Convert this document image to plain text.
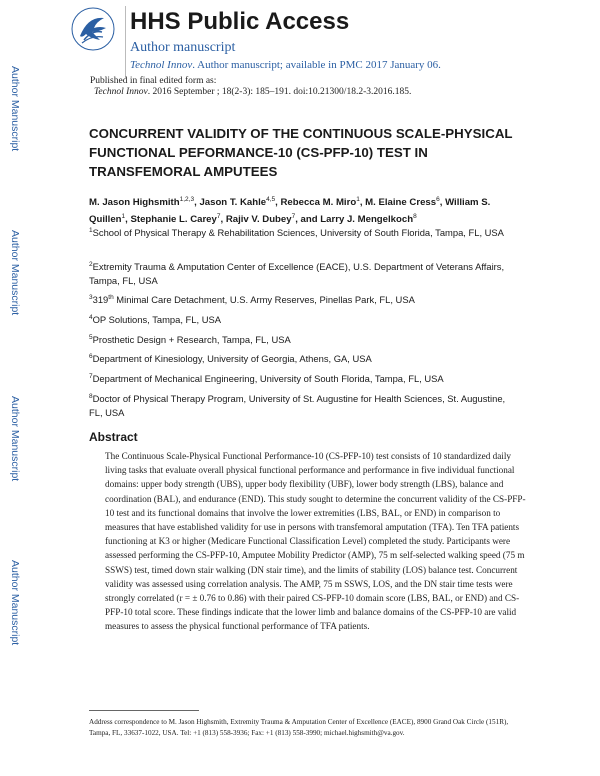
HHS Public Access
Author manuscript
Technol Innov. Author manuscript; available in PMC 2017 January 06.
Author Manuscript
Author Manuscript
Author Manuscript
Author Manuscript
Published in final edited form as:
Technol Innov. 2016 September ; 18(2-3): 185–191. doi:10.21300/18.2-3.2016.185.
CONCURRENT VALIDITY OF THE CONTINUOUS SCALE-PHYSICAL FUNCTIONAL PEFORMANCE-10 (CS-PFP-10) TEST IN TRANSFEMORAL AMPUTEES
M. Jason Highsmith$^{1,2,3}$, Jason T. Kahle$^{4,5}$, Rebecca M. Miro$^1$, M. Elaine Cress$^6$, William S. Quillen$^1$, Stephanie L. Carey$^7$, Rajiv V. Dubey$^7$, and Larry J. Mengelkoch$^8$
$^1$School of Physical Therapy & Rehabilitation Sciences, University of South Florida, Tampa, FL, USA
$^2$Extremity Trauma & Amputation Center of Excellence (EACE), U.S. Department of Veterans Affairs, Tampa, FL, USA
$^3$319th Minimal Care Detachment, U.S. Army Reserves, Pinellas Park, FL, USA
$^4$OP Solutions, Tampa, FL, USA
$^5$Prosthetic Design + Research, Tampa, FL, USA
$^6$Department of Kinesiology, University of Georgia, Athens, GA, USA
$^7$Department of Mechanical Engineering, University of South Florida, Tampa, FL, USA
$^8$Doctor of Physical Therapy Program, University of St. Augustine for Health Sciences, St. Augustine, FL, USA
Abstract
The Continuous Scale-Physical Functional Performance-10 (CS-PFP-10) test consists of 10 standardized daily living tasks that evaluate overall physical functional performance and performance in five individual functional domains: upper body strength (UBS), upper body flexibility (UBF), lower body strength (LBS), balance and coordination (BAL), and endurance (END). This study sought to determine the concurrent validity of the CS-PFP-10 test and its functional domains that involve the lower extremities (LBS, BAL, or END) in comparison to measures that have established validity for use in persons with transfemoral amputation (TFA). Ten TFA patients functioning at K3 or higher (Medicare Functional Classification Level) completed the study. Participants were assessed performing the CS-PFP-10, Amputee Mobility Predictor (AMP), 75 m self-selected walking speed (75 m SSWS) test, timed down stair walking (DN stair time), and the limits of stability (LOS) balance test. Concurrent validity was assessed using correlation analysis. The AMP, 75 m SSWS, LOS, and the DN stair time tests were strongly correlated (r = ± 0.76 to 0.86) with their paired CS-PFP-10 domain score (LBS, BAL, or END) and CS-PFP-10 total score. These findings indicate that the lower limb and balance domains of the CS-PFP-10 are valid measures to assess the physical functional performance of TFA patients.
Address correspondence to M. Jason Highsmith, Extremity Trauma & Amputation Center of Excellence (EACE), 8900 Grand Oak Circle (151R), Tampa, FL, 33637-1022, USA. Tel: +1 (813) 558-3936; Fax: +1 (813) 558-3990; michael.highsmith@va.gov.
